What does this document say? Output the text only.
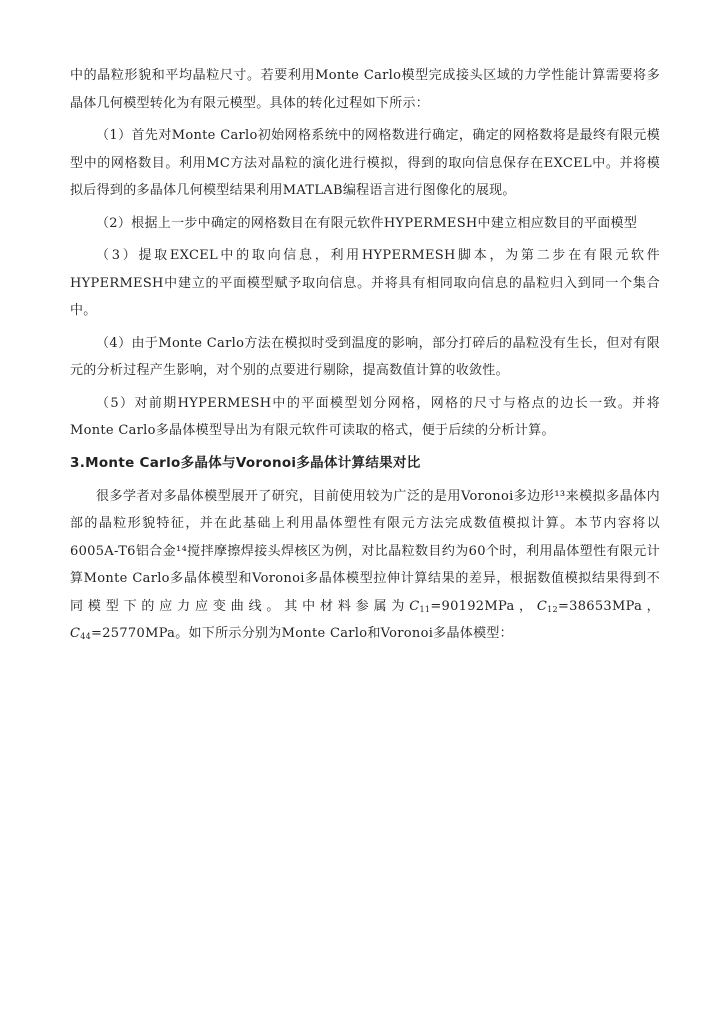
中的晶粒形貌和平均晶粒尺寸。若要利用Monte Carlo模型完成接头区域的力学性能计算需要将多晶体几何模型转化为有限元模型。具体的转化过程如下所示：

（1）首先对Monte Carlo初始网格系统中的网格数进行确定，确定的网格数将是最终有限元模型中的网格数目。利用MC方法对晶粒的演化进行模拟，得到的取向信息保存在EXCEL中。并将模拟后得到的多晶体几何模型结果利用MATLAB编程语言进行图像化的展现。

（2）根据上一步中确定的网格数目在有限元软件HYPERMESH中建立相应数目的平面模型

（3）提取EXCEL中的取向信息，利用HYPERMESH脚本，为第二步在有限元软件HYPERMESH中建立的平面模型赋予取向信息。并将具有相同取向信息的晶粒归入到同一个集合中。

（4）由于Monte Carlo方法在模拟时受到温度的影响，部分打碎后的晶粒没有生长，但对有限元的分析过程产生影响，对个别的点要进行剔除，提高数值计算的收敛性。

（5）对前期HYPERMESH中的平面模型划分网格，网格的尺寸与格点的边长一致。并将Monte Carlo多晶体模型导出为有限元软件可读取的格式，便于后续的分析计算。

3.Monte Carlo多晶体与Voronoi多晶体计算结果对比

很多学者对多晶体模型展开了研究，目前使用较为广泛的是用Voronoi多边形¹³来模拟多晶体内部的晶粒形貌特征，并在此基础上利用晶体塑性有限元方法完成数值模拟计算。本节内容将以6005A-T6铝合金¹⁴搅拌摩擦焊接头焊核区为例，对比晶粒数目约为60个时，利用晶体塑性有限元计算Monte Carlo多晶体模型和Voronoi多晶体模型拉伸计算结果的差异，根据数值模拟结果得到不同模型下的应力应变曲线。其中材料参属为$C_{11}=90192MPa$，$C_{12}=38653MPa$，$C_{44}=25770MPa$。如下所示分别为Monte Carlo和Voronoi多晶体模型：
